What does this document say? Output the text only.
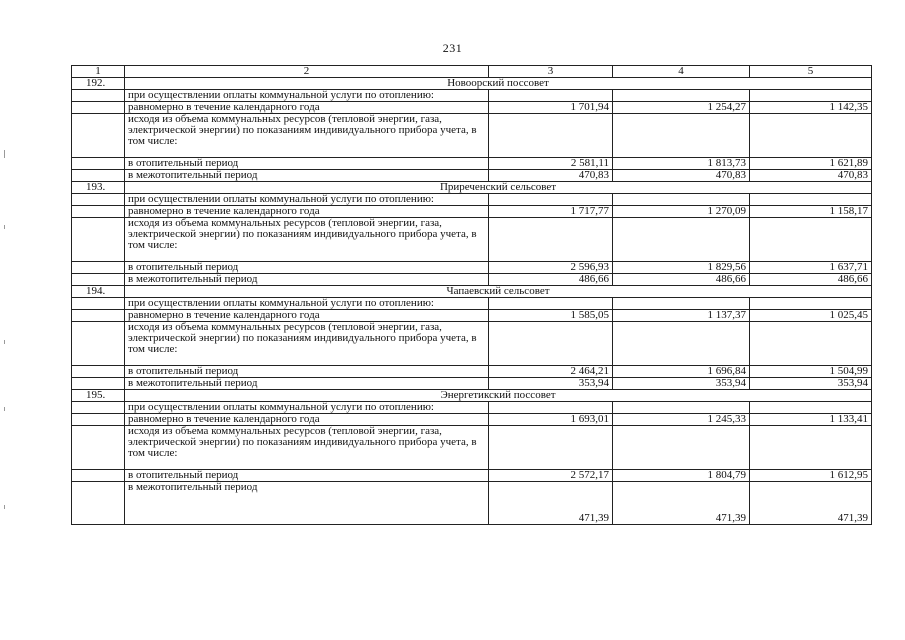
231
1	2	3	4	5
192.	Новоорский поссовет			
	при осуществлении оплаты коммунальной услуги по отоплению:			
	равномерно в течение календарного года	1 701,94	1 254,27	1 142,35
	исходя из объема коммунальных ресурсов (тепловой энергии, газа, электрической энергии) по показаниям индивидуального прибора учета, в том числе:			
	в отопительный период	2 581,11	1 813,73	1 621,89
	в межотопительный период	470,83	470,83	470,83
193.	Приреченский сельсовет			
	при осуществлении оплаты коммунальной услуги по отоплению:			
	равномерно в течение календарного года	1 717,77	1 270,09	1 158,17
	исходя из объема коммунальных ресурсов (тепловой энергии, газа, электрической энергии) по показаниям индивидуального прибора учета, в том числе:			
	в отопительный период	2 596,93	1 829,56	1 637,71
	в межотопительный период	486,66	486,66	486,66
194.	Чапаевский сельсовет			
	при осуществлении оплаты коммунальной услуги по отоплению:			
	равномерно в течение календарного года	1 585,05	1 137,37	1 025,45
	исходя из объема коммунальных ресурсов (тепловой энергии, газа, электрической энергии) по показаниям индивидуального прибора учета, в том числе:			
	в отопительный период	2 464,21	1 696,84	1 504,99
	в межотопительный период	353,94	353,94	353,94
195.	Энергетикский поссовет			
	при осуществлении оплаты коммунальной услуги по отоплению:			
	равномерно в течение календарного года	1 693,01	1 245,33	1 133,41
	исходя из объема коммунальных ресурсов (тепловой энергии, газа, электрической энергии) по показаниям индивидуального прибора учета, в том числе:			
	в отопительный период	2 572,17	1 804,79	1 612,95
	в межотопительный период	471,39	471,39	471,39
